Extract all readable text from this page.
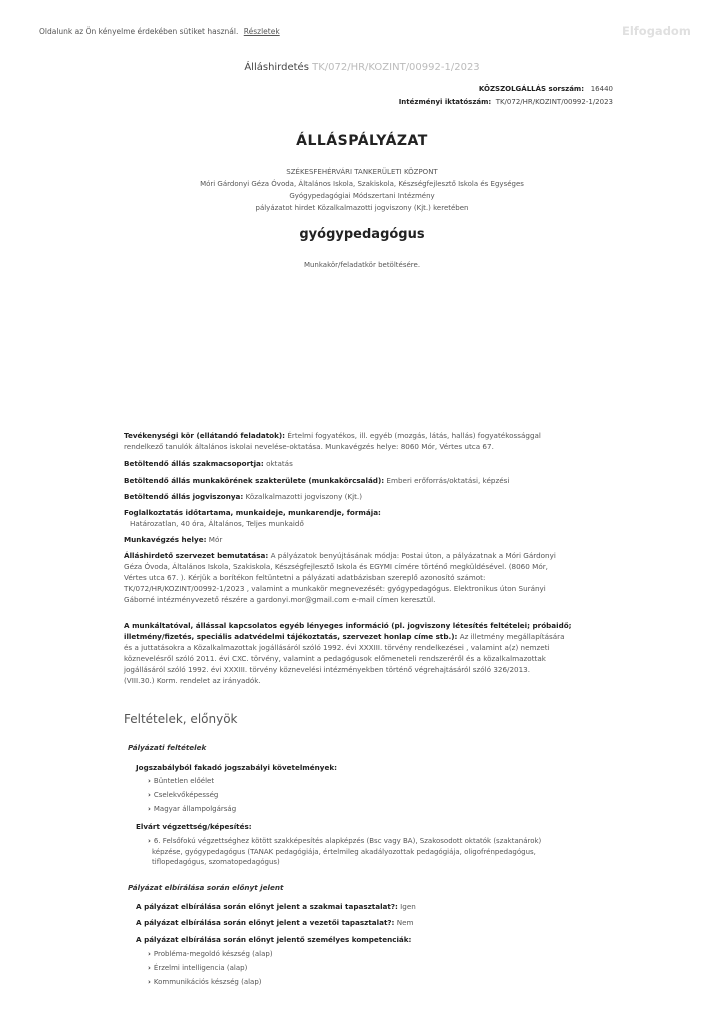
Oldalunk az Ön kényelme érdekében sütiket használ. Részletek	Elfogadom
Álláshirdetés TK/072/HR/KOZINT/00992-1/2023
KÖZSZOLGÁLLÁS sorszám: 16440
Intézményi iktatószám: TK/072/HR/KOZINT/00992-1/2023
ÁLLÁSPÁLYÁZAT
SZÉKESFEHÉRVÁRI TANKERÜLETI KÖZPONT
Móri Gárdonyi Géza Óvoda, Általános Iskola, Szakiskola, Készségfejlesztő Iskola és Egységes
Gyógypedagógiai Módszertani Intézmény
pályázatot hirdet Közalkalmazotti jogviszony (Kjt.) keretében
gyógypedagógus
Munkakör/feladatkör betöltésére.
Tevékenységi kör (ellátandó feladatok): Értelmi fogyatékos, ill. egyéb (mozgás, látás, hallás) fogyatékossággal
rendelkező tanulók általános iskolai nevelése-oktatása. Munkavégzés helye: 8060 Mór, Vértes utca 67.
Betöltendő állás szakmacsoportja: oktatás
Betöltendő állás munkakörének szakterülete (munkakörcsalád): Emberi erőforrás/oktatási, képzési
Betöltendő állás jogviszonya: Közalkalmazotti jogviszony (Kjt.)
Foglalkoztatás időtartama, munkaideje, munkarendje, formája:
Határozatlan, 40 óra, Általános, Teljes munkaidő
Munkavégzés helye: Mór
Álláshirdető szervezet bemutatása: A pályázatok benyújtásának módja: Postai úton, a pályázatnak a Móri Gárdonyi
Géza Óvoda, Általános Iskola, Szakiskola, Készségfejlesztő Iskola és EGYMI címére történő megküldésével. (8060 Mór,
Vértes utca 67. ). Kérjük a borítékon feltüntetni a pályázati adatbázisban szereplő azonosító számot:
TK/072/HR/KOZINT/00992-1/2023 , valamint a munkakör megnevezését: gyógypedagógus. Elektronikus úton Surányi
Gáborné intézményvezető részére a gardonyi.mor@gmail.com e-mail címen keresztül.
A munkáltatóval, állással kapcsolatos egyéb lényeges információ (pl. jogviszony létesítés feltételei; próbaidő;
illetmény/fizetés, speciális adatvédelmi tájékoztatás, szervezet honlap címe stb.): Az illetmény megállapítására
és a juttatásokra a Közalkalmazottak jogállásáról szóló 1992. évi XXXIII. törvény rendelkezései , valamint a(z) nemzeti
köznevelésről szóló 2011. évi CXC. törvény, valamint a pedagógusok előmeneteli rendszeréről és a közalkalmazottak
jogállásáról szóló 1992. évi XXXIII. törvény köznevelési intézményekben történő végrehajtásáról szóló 326/2013.
(VIII.30.) Korm. rendelet az irányadók.
Feltételek, előnyök
Pályázati feltételek
Jogszabályból fakadó jogszabályi követelmények:
› Büntetlen előélet
› Cselekvőképesség
› Magyar állampolgárság
Elvárt végzettség/képesítés:
› 6. Felsőfokú végzettséghez kötött szakképesítés alapképzés (Bsc vagy BA), Szakosodott oktatók (szaktanárok)
képzése, gyógypedagógus (TANAK pedagógiája, értelmileg akadályozottak pedagógiája, oligofrénpedagógus,
tiflopedagógus, szomatopedagógus)
Pályázat elbírálása során előnyt jelent
A pályázat elbírálása során előnyt jelent a szakmai tapasztalat?: Igen
A pályázat elbírálása során előnyt jelent a vezetői tapasztalat?: Nem
A pályázat elbírálása során előnyt jelentő személyes kompetenciák:
› Probléma-megoldó készség (alap)
› Érzelmi intelligencia (alap)
› Kommunikációs készség (alap)
